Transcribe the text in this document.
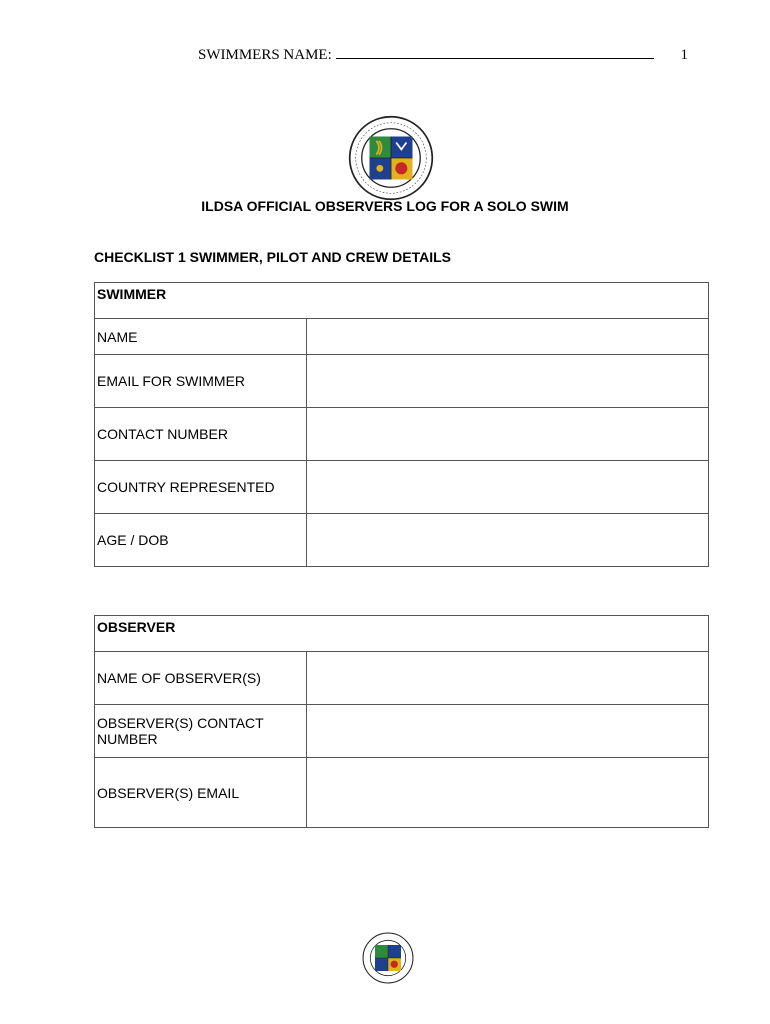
SWIMMERS NAME:	1
ILDSA OFFICIAL OBSERVERS LOG FOR A SOLO SWIM
CHECKLIST 1 SWIMMER, PILOT AND CREW DETAILS
SWIMMER	
NAME	
EMAIL FOR SWIMMER	
CONTACT NUMBER	
COUNTRY REPRESENTED	
AGE / DOB	
OBSERVER	
NAME OF OBSERVER(S)	
OBSERVER(S) CONTACT NUMBER	
OBSERVER(S) EMAIL	
